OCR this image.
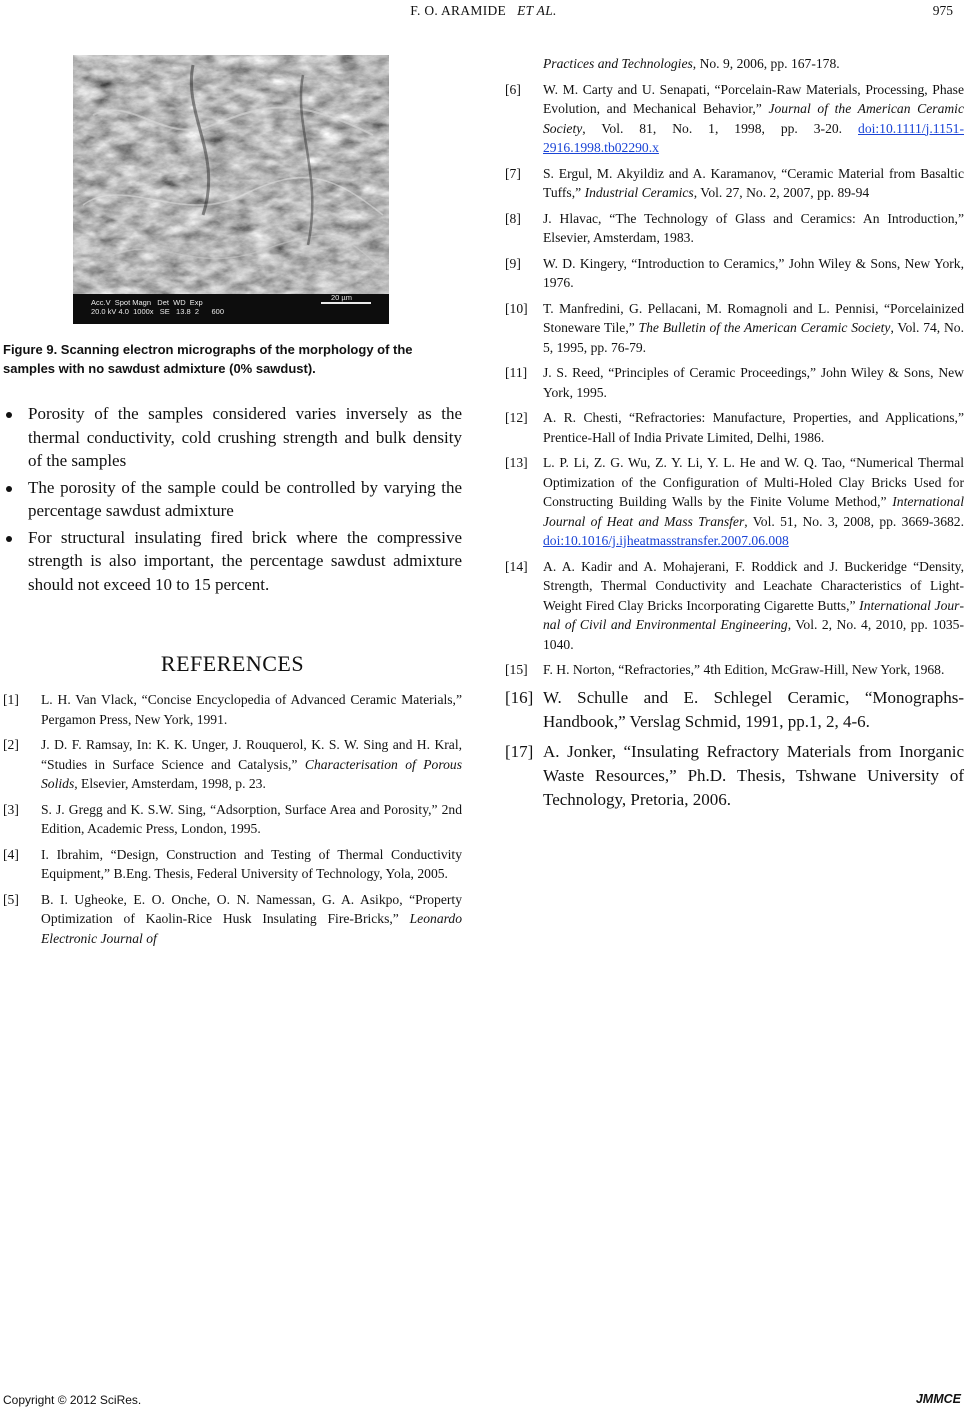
F. O. ARAMIDE ET AL.	975
Acc.V  Spot Magn   Det  WD  Exp
20.0 kV 4.0  1000x   SE   13.8  2      600
20 µm
Figure 9. Scanning electron micrographs of the morphology of the samples with no sawdust admixture (0% sawdust).
Porosity of the samples considered varies inversely as the thermal conductivity, cold crushing strength and bulk density of the samples
The porosity of the sample could be controlled by varying the percentage sawdust admixture
For structural insulating fired brick where the compressive strength is also important, the percentage sawdust admixture should not exceed 10 to 15 percent.
REFERENCES
[1] L. H. Van Vlack, “Concise Encyclopedia of Advanced Ceramic Materials,” Pergamon Press, New York, 1991.
[2] J. D. F. Ramsay, In: K. K. Unger, J. Rouquerol, K. S. W. Sing and H. Kral, “Studies in Surface Science and Catalysis,” Characterisation of Porous Solids, Elsevier, Amsterdam, 1998, p. 23.
[3] S. J. Gregg and K. S.W. Sing, “Adsorption, Surface Area and Porosity,” 2nd Edition, Academic Press, London, 1995.
[4] I. Ibrahim, “Design, Construction and Testing of Thermal Conductivity Equipment,” B.Eng. Thesis, Federal University of Technology, Yola, 2005.
[5] B. I. Ugheoke, E. O. Onche, O. N. Namessan, G. A. Asikpo, “Property Optimization of Kaolin-Rice Husk Insulating Fire-Bricks,” Leonardo Electronic Journal of
Practices and Technologies, No. 9, 2006, pp. 167-178.
[6] W. M. Carty and U. Senapati, “Porcelain-Raw Materials, Processing, Phase Evolution, and Mechanical Behavior,” Journal of the American Ceramic Society, Vol. 81, No. 1, 1998, pp. 3-20. doi:10.1111/j.1151-2916.1998.tb02290.x
[7] S. Ergul, M. Akyildiz and A. Karamanov, “Ceramic Material from Basaltic Tuffs,” Industrial Ceramics, Vol. 27, No. 2, 2007, pp. 89-94
[8] J. Hlavac, “The Technology of Glass and Ceramics: An Introduction,” Elsevier, Amsterdam, 1983.
[9] W. D. Kingery, “Introduction to Ceramics,” John Wiley & Sons, New York, 1976.
[10] T. Manfredini, G. Pellacani, M. Romagnoli and L. Pennisi, “Porcelainized Stoneware Tile,” The Bulletin of the American Ceramic Society, Vol. 74, No. 5, 1995, pp. 76-79.
[11] J. S. Reed, “Principles of Ceramic Proceedings,” John Wiley & Sons, New York, 1995.
[12] A. R. Chesti, “Refractories: Manufacture, Properties, and Applications,” Prentice-Hall of India Private Limited, Delhi, 1986.
[13] L. P. Li, Z. G. Wu, Z. Y. Li, Y. L. He and W. Q. Tao, “Numerical Thermal Optimization of the Configuration of Multi-Holed Clay Bricks Used for Constructing Building Walls by the Finite Volume Method,” International Journal of Heat and Mass Transfer, Vol. 51, No. 3, 2008, pp. 3669-3682. doi:10.1016/j.ijheatmasstransfer.2007.06.008
[14] A. A. Kadir and A. Mohajerani, F. Roddick and J. Buckeridge “Density, Strength, Thermal Conductivity and Leachate Characteristics of Light-Weight Fired Clay Bricks Incorporating Cigarette Butts,” International Journal of Civil and Environmental Engineering, Vol. 2, No. 4, 2010, pp. 1035-1040.
[15] F. H. Norton, “Refractories,” 4th Edition, McGraw-Hill, New York, 1968.
[16] W. Schulle and E. Schlegel Ceramic, “Monographs-Handbook,” Verslag Schmid, 1991, pp.1, 2, 4-6.
[17] A. Jonker, “Insulating Refractory Materials from Inorganic Waste Resources,” Ph.D. Thesis, Tshwane University of Technology, Pretoria, 2006.
Copyright © 2012 SciRes.	JMMCE
